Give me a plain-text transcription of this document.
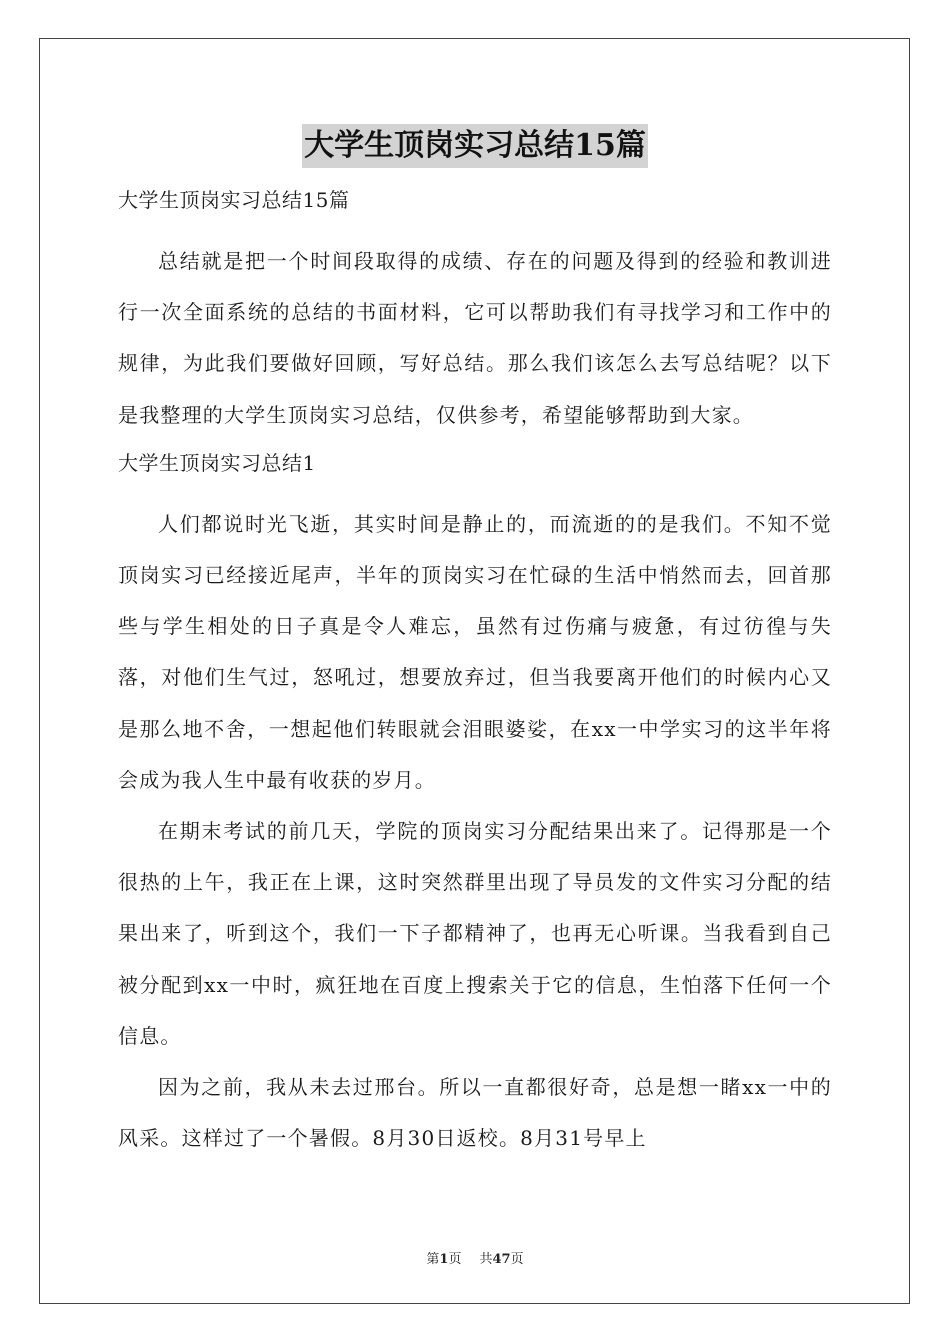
大学生顶岗实习总结15篇

大学生顶岗实习总结15篇

总结就是把一个时间段取得的成绩、存在的问题及得到的经验和教训进行一次全面系统的总结的书面材料，它可以帮助我们有寻找学习和工作中的规律，为此我们要做好回顾，写好总结。那么我们该怎么去写总结呢？以下是我整理的大学生顶岗实习总结，仅供参考，希望能够帮助到大家。

大学生顶岗实习总结1

人们都说时光飞逝，其实时间是静止的，而流逝的的是我们。不知不觉顶岗实习已经接近尾声，半年的顶岗实习在忙碌的生活中悄然而去，回首那些与学生相处的日子真是令人难忘，虽然有过伤痛与疲惫，有过彷徨与失落，对他们生气过，怒吼过，想要放弃过，但当我要离开他们的时候内心又是那么地不舍，一想起他们转眼就会泪眼婆娑，在xx一中学实习的这半年将会成为我人生中最有收获的岁月。

在期末考试的前几天，学院的顶岗实习分配结果出来了。记得那是一个很热的上午，我正在上课，这时突然群里出现了导员发的文件实习分配的结果出来了，听到这个，我们一下子都精神了，也再无心听课。当我看到自己被分配到xx一中时，疯狂地在百度上搜索关于它的信息，生怕落下任何一个信息。

因为之前，我从未去过邢台。所以一直都很好奇，总是想一睹xx一中的风采。这样过了一个暑假。8月30日返校。8月31号早上

第1页 共47页
